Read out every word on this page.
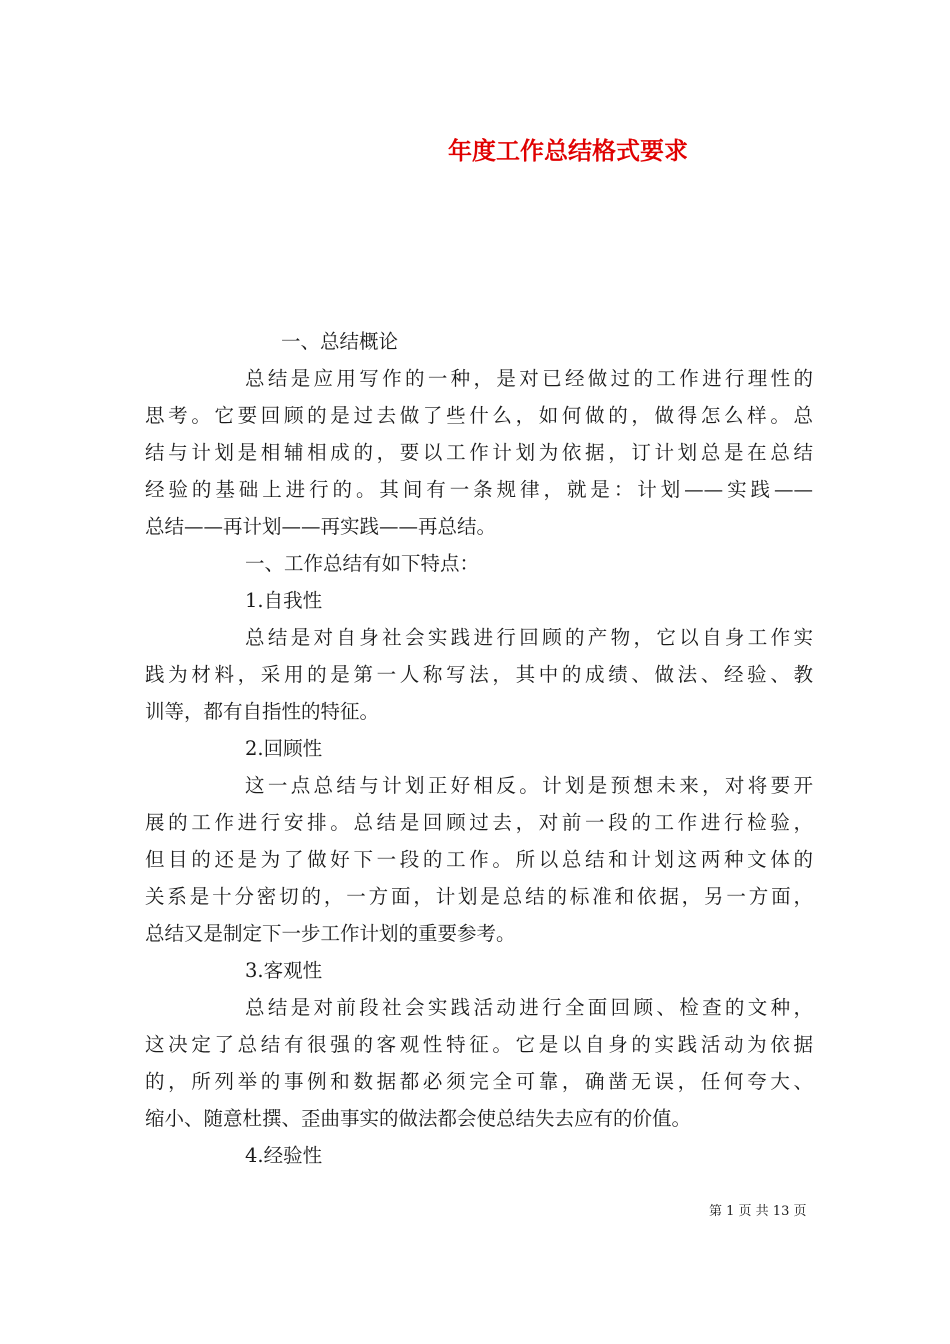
年度工作总结格式要求
一、总结概论
总结是应用写作的一种，是对已经做过的工作进行理性的
思考。它要回顾的是过去做了些什么，如何做的，做得怎么样。总
结与计划是相辅相成的，要以工作计划为依据，订计划总是在总结
经验的基础上进行的。其间有一条规律，就是：计划——实践——
总结——再计划——再实践——再总结。
一、工作总结有如下特点：
1.自我性
总结是对自身社会实践进行回顾的产物，它以自身工作实
践为材料，采用的是第一人称写法，其中的成绩、做法、经验、教
训等，都有自指性的特征。
2.回顾性
这一点总结与计划正好相反。计划是预想未来，对将要开
展的工作进行安排。总结是回顾过去，对前一段的工作进行检验，
但目的还是为了做好下一段的工作。所以总结和计划这两种文体的
关系是十分密切的，一方面，计划是总结的标准和依据，另一方面，
总结又是制定下一步工作计划的重要参考。
3.客观性
总结是对前段社会实践活动进行全面回顾、检查的文种，
这决定了总结有很强的客观性特征。它是以自身的实践活动为依据
的，所列举的事例和数据都必须完全可靠，确凿无误，任何夸大、
缩小、随意杜撰、歪曲事实的做法都会使总结失去应有的价值。
4.经验性
第 1 页 共 13 页
